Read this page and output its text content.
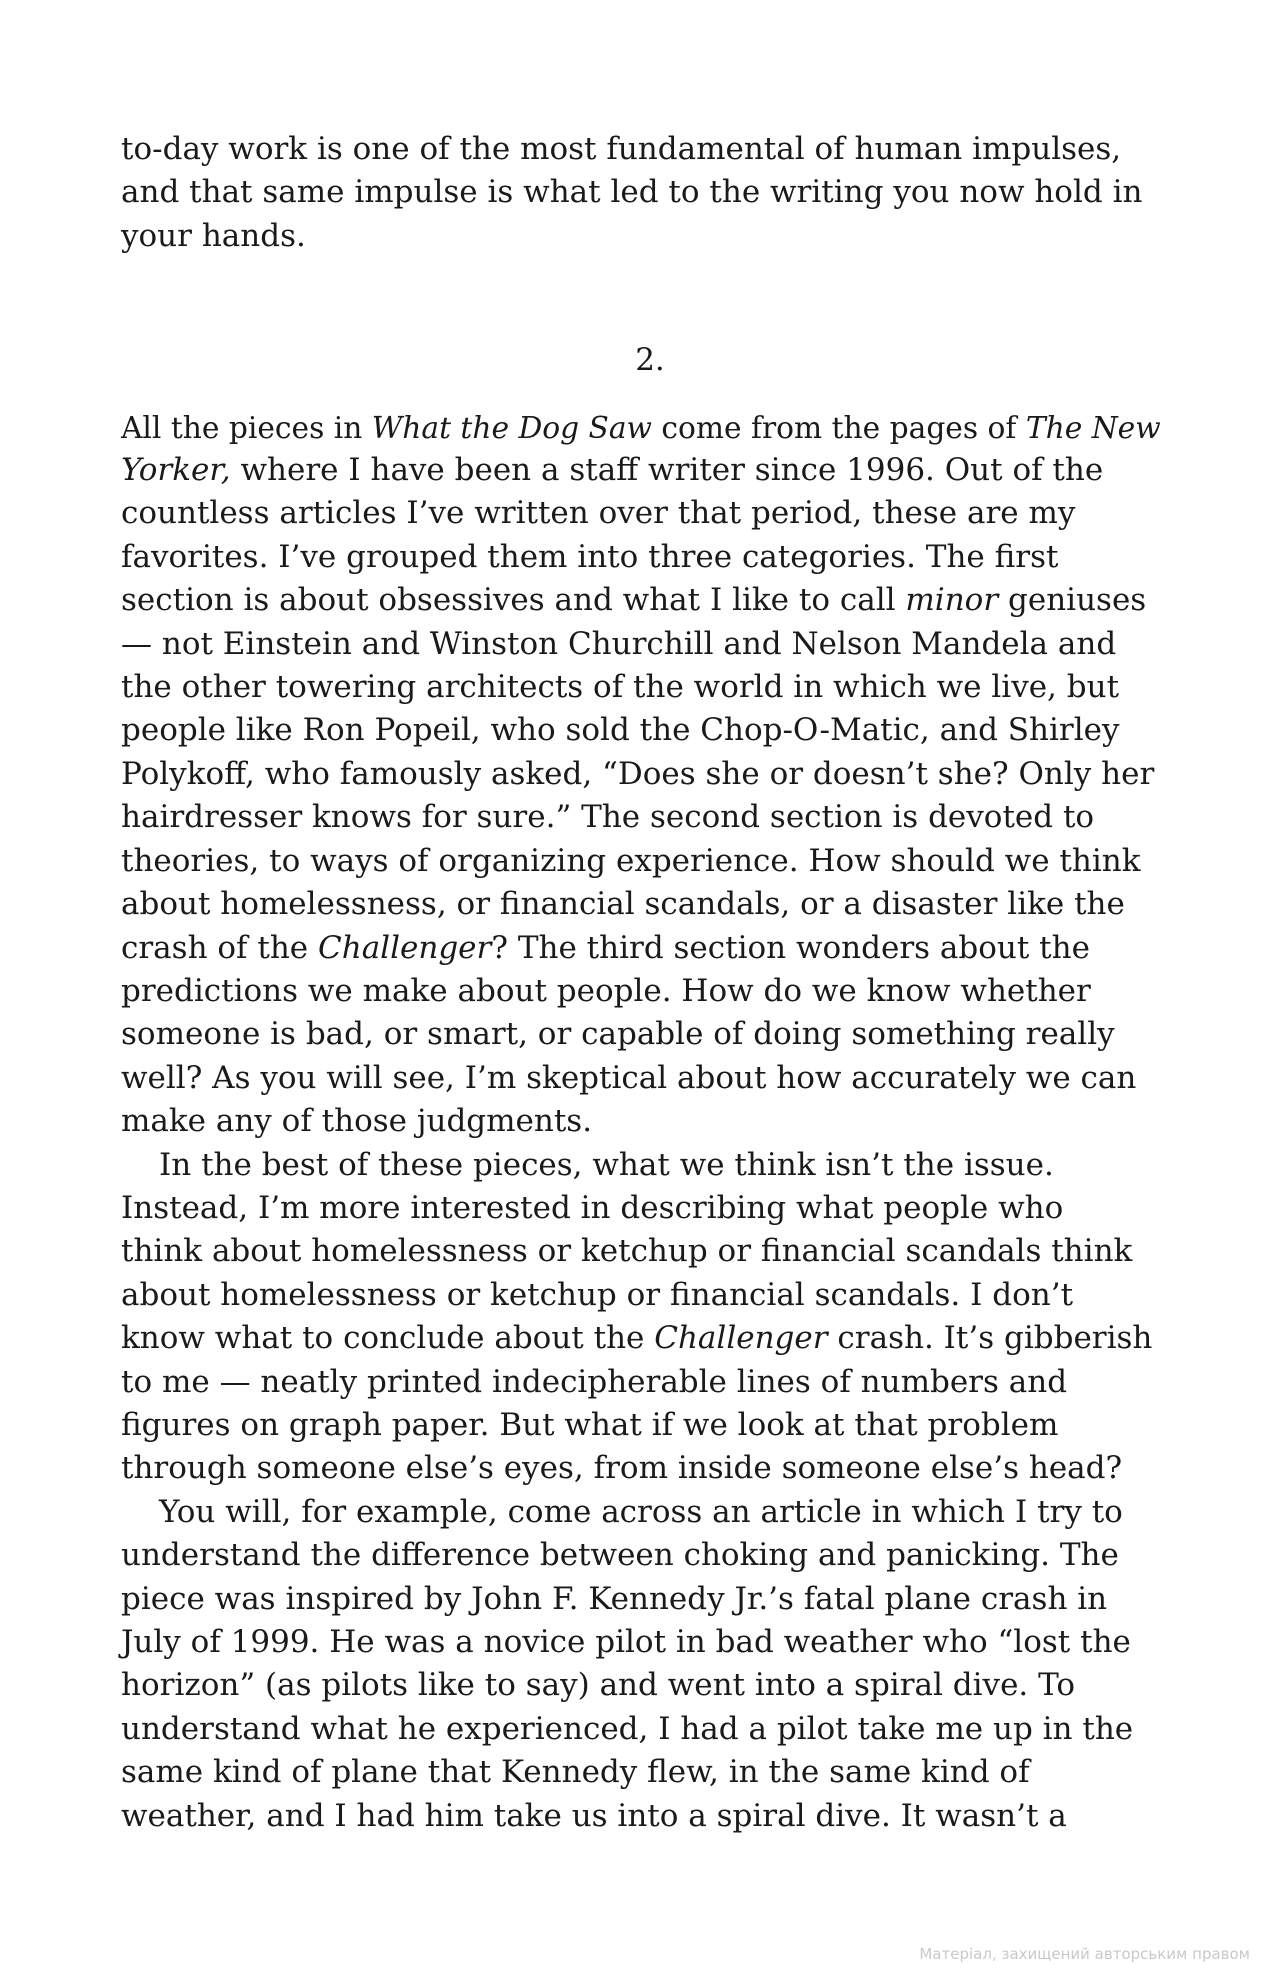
to-day work is one of the most fundamental of human impulses,
and that same impulse is what led to the writing you now hold in
your hands.

2.

All the pieces in What the Dog Saw come from the pages of The New
Yorker, where I have been a staff writer since 1996. Out of the
countless articles I’ve written over that period, these are my
favorites. I’ve grouped them into three categories. The first
section is about obsessives and what I like to call minor geniuses
— not Einstein and Winston Churchill and Nelson Mandela and
the other towering architects of the world in which we live, but
people like Ron Popeil, who sold the Chop-O-Matic, and Shirley
Polykoff, who famously asked, “Does she or doesn’t she? Only her
hairdresser knows for sure.” The second section is devoted to
theories, to ways of organizing experience. How should we think
about homelessness, or financial scandals, or a disaster like the
crash of the Challenger? The third section wonders about the
predictions we make about people. How do we know whether
someone is bad, or smart, or capable of doing something really
well? As you will see, I’m skeptical about how accurately we can
make any of those judgments.

In the best of these pieces, what we think isn’t the issue.
Instead, I’m more interested in describing what people who
think about homelessness or ketchup or financial scandals think
about homelessness or ketchup or financial scandals. I don’t
know what to conclude about the Challenger crash. It’s gibberish
to me — neatly printed indecipherable lines of numbers and
figures on graph paper. But what if we look at that problem
through someone else’s eyes, from inside someone else’s head?

You will, for example, come across an article in which I try to
understand the difference between choking and panicking. The
piece was inspired by John F. Kennedy Jr.’s fatal plane crash in
July of 1999. He was a novice pilot in bad weather who “lost the
horizon” (as pilots like to say) and went into a spiral dive. To
understand what he experienced, I had a pilot take me up in the
same kind of plane that Kennedy flew, in the same kind of
weather, and I had him take us into a spiral dive. It wasn’t a

Матеріал, захищений авторським правом
